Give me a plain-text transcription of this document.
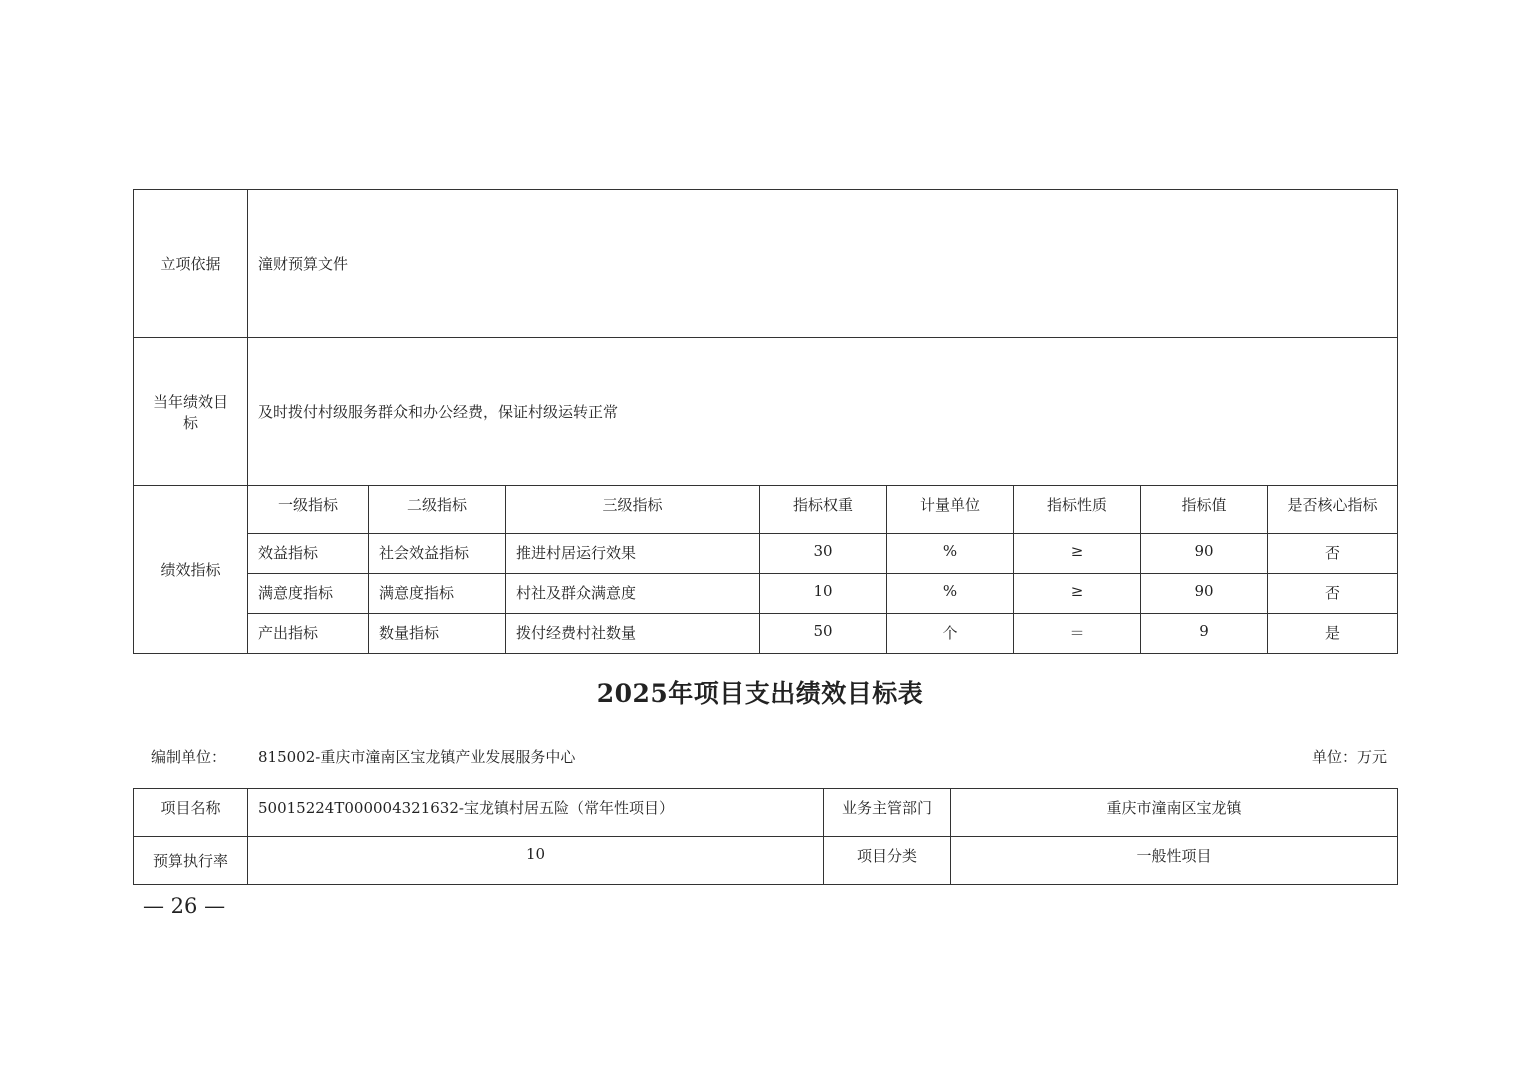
立项依据	潼财预算文件							
当年绩效目标	及时拨付村级服务群众和办公经费，保证村级运转正常							
绩效指标	一级指标	二级指标	三级指标	指标权重	计量单位	指标性质	指标值	是否核心指标
	效益指标	社会效益指标	推进村居运行效果	30	%	≥	90	否
	满意度指标	满意度指标	村社及群众满意度	10	%	≥	90	否
	产出指标	数量指标	拨付经费村社数量	50	个	＝	9	是
2025年项目支出绩效目标表
编制单位： 815002-重庆市潼南区宝龙镇产业发展服务中心	单位：万元
项目名称	50015224T000004321632-宝龙镇村居五险（常年性项目）	业务主管部门	重庆市潼南区宝龙镇
预算执行率	10	项目分类	一般性项目
— 26 —
